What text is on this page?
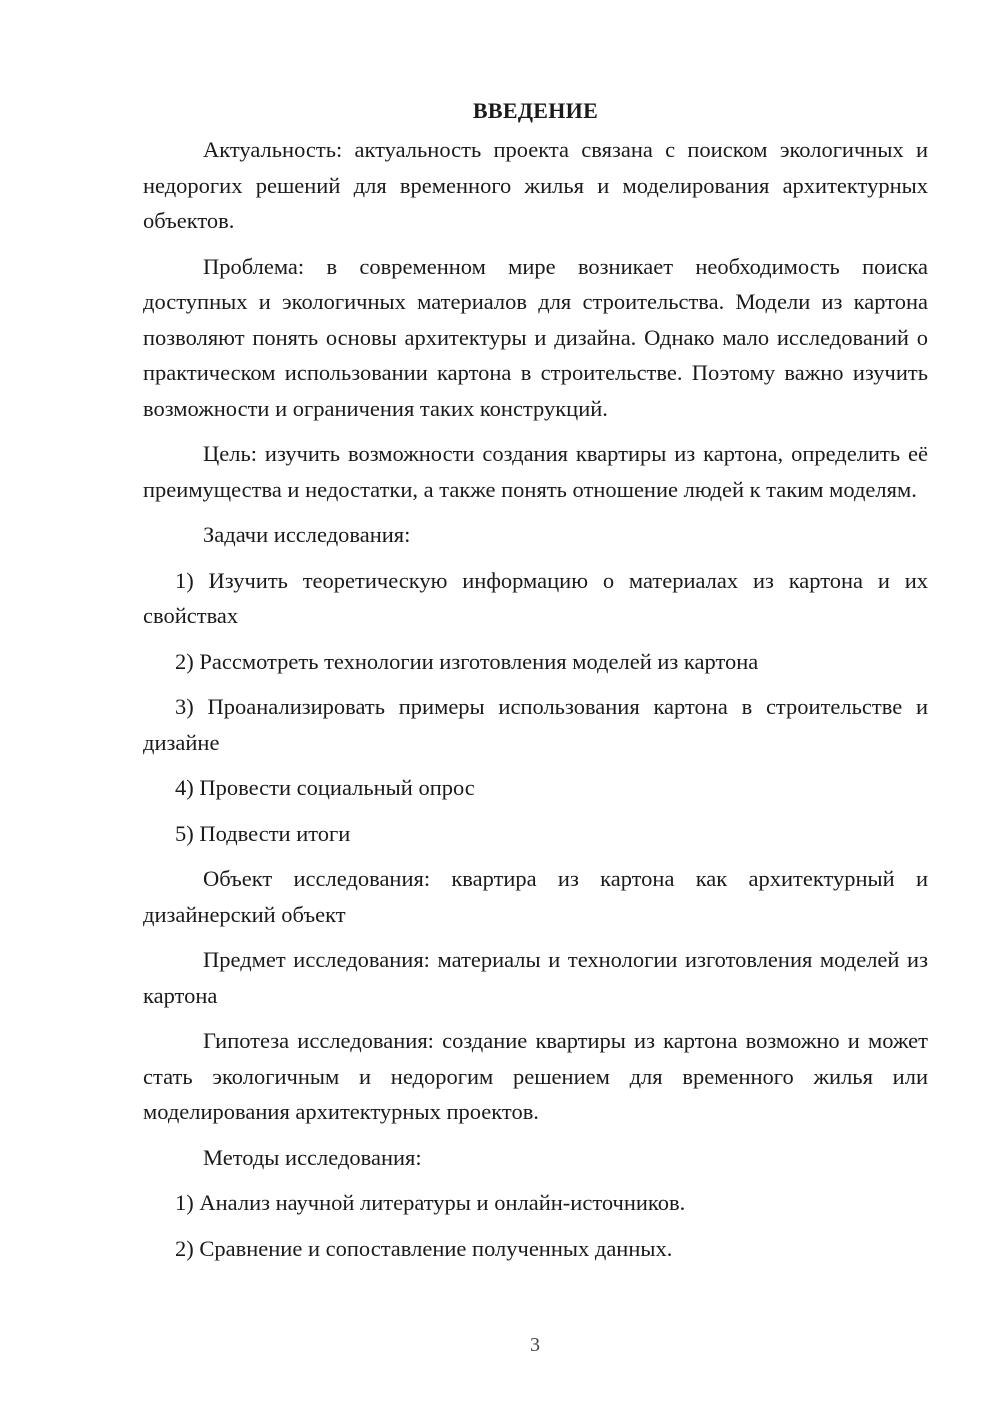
ВВЕДЕНИЕ
Актуальность: актуальность проекта связана с поиском экологичных и недорогих решений для временного жилья и моделирования архитектурных объектов.
Проблема: в современном мире возникает необходимость поиска доступных и экологичных материалов для строительства. Модели из картона позволяют понять основы архитектуры и дизайна. Однако мало исследований о практическом использовании картона в строительстве. Поэтому важно изучить возможности и ограничения таких конструкций.
Цель: изучить возможности создания квартиры из картона, определить её преимущества и недостатки, а также понять отношение людей к таким моделям.
Задачи исследования:
1) Изучить теоретическую информацию о материалах из картона и их свойствах
2) Рассмотреть технологии изготовления моделей из картона
3) Проанализировать примеры использования картона в строительстве и дизайне
4) Провести социальный опрос
5) Подвести итоги
Объект исследования: квартира из картона как архитектурный и дизайнерский объект
Предмет исследования: материалы и технологии изготовления моделей из картона
Гипотеза исследования: создание квартиры из картона возможно и может стать экологичным и недорогим решением для временного жилья или моделирования архитектурных проектов.
Методы исследования:
1) Анализ научной литературы и онлайн-источников.
2) Сравнение и сопоставление полученных данных.
3
